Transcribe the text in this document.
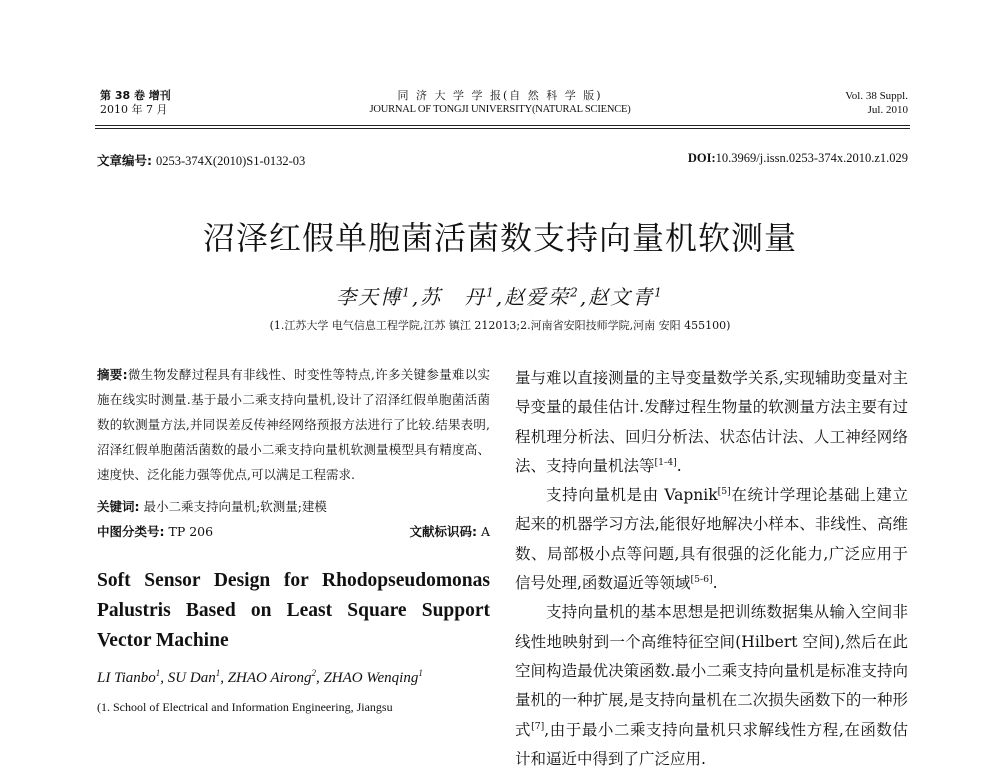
第 38 卷 增刊
2010 年 7 月
同 济 大 学 学 报(自 然 科 学 版)
JOURNAL OF TONGJI UNIVERSITY(NATURAL SCIENCE)
Vol. 38 Suppl.
Jul. 2010
文章编号: 0253-374X(2010)S1-0132-03	DOI:10.3969/j.issn.0253-374x.2010.z1.029
沼泽红假单胞菌活菌数支持向量机软测量
李天博$^1$,苏　丹$^1$,赵爱荣$^2$,赵文青$^1$
(1.江苏大学 电气信息工程学院,江苏 镇江 212013;2.河南省安阳技师学院,河南 安阳 455100)
摘要:微生物发酵过程具有非线性、时变性等特点,许多关键参量难以实施在线实时测量.基于最小二乘支持向量机,设计了沼泽红假单胞菌活菌数的软测量方法,并同误差反传神经网络预报方法进行了比较.结果表明,沼泽红假单胞菌活菌数的最小二乘支持向量机软测量模型具有精度高、速度快、泛化能力强等优点,可以满足工程需求.
关键词: 最小二乘支持向量机;软测量;建模
中图分类号: TP 206	文献标识码: A
Soft Sensor Design for Rhodopseudomonas Palustris Based on Least Square Support Vector Machine
LI Tianbo$^1$, SU Dan$^1$, ZHAO Airong$^2$, ZHAO Wenqing$^1$
(1. School of Electrical and Information Engineering, Jiangsu

量与难以直接测量的主导变量数学关系,实现辅助变量对主导变量的最佳估计.发酵过程生物量的软测量方法主要有过程机理分析法、回归分析法、状态估计法、人工神经网络法、支持向量机法等[1-4].

支持向量机是由 Vapnik[5]在统计学理论基础上建立起来的机器学习方法,能很好地解决小样本、非线性、高维数、局部极小点等问题,具有很强的泛化能力,广泛应用于信号处理,函数逼近等领域[5-6].

支持向量机的基本思想是把训练数据集从输入空间非线性地映射到一个高维特征空间(Hilbert 空间),然后在此空间构造最优决策函数.最小二乘支持向量机是标准支持向量机的一种扩展,是支持向量机在二次损失函数下的一种形式[7],由于最小二乘支持向量机只求解线性方程,在函数估计和逼近中得到了广泛应用.
